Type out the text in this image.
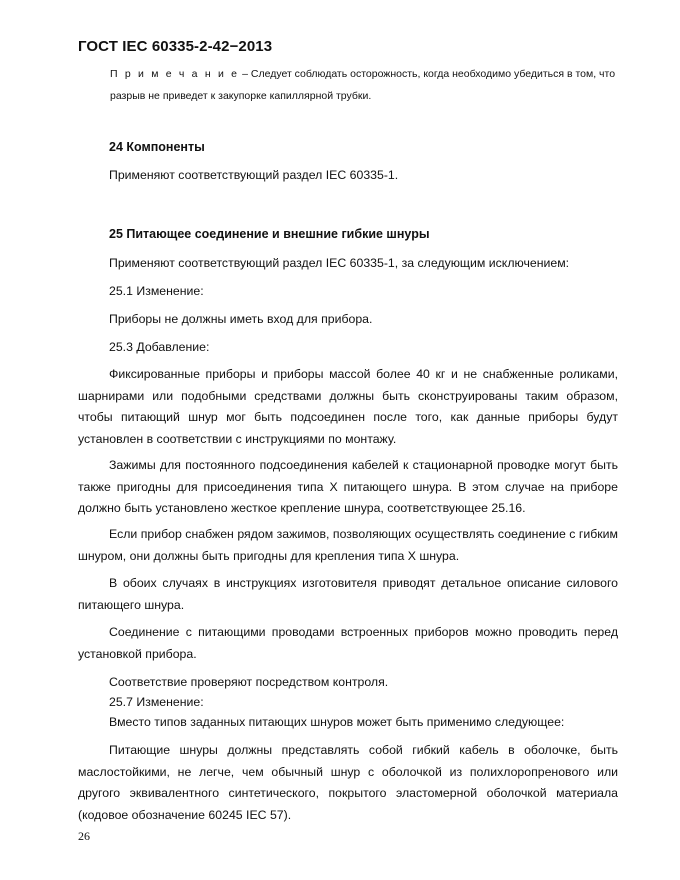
ГОСТ IEC 60335-2-42−2013
П р и м е ч а н и е – Следует соблюдать осторожность, когда необходимо убедиться в том, что разрыв не приведет к закупорке капиллярной трубки.
24 Компоненты
Применяют соответствующий раздел IEC 60335-1.
25 Питающее соединение и внешние гибкие шнуры
Применяют соответствующий раздел IEC 60335-1, за следующим исключением:
25.1 Изменение:
Приборы не должны иметь вход для прибора.
25.3 Добавление:
Фиксированные приборы и приборы массой более 40 кг и не снабженные роликами, шарнирами или подобными средствами должны быть сконструированы таким образом, чтобы питающий шнур мог быть подсоединен после того, как данные приборы будут установлен в соответствии с инструкциями по монтажу.
Зажимы для постоянного подсоединения кабелей к стационарной проводке могут быть также пригодны для присоединения типа Х питающего шнура. В этом случае на приборе должно быть установлено жесткое крепление шнура, соответствующее 25.16.
Если прибор снабжен рядом зажимов, позволяющих осуществлять соединение с гибким шнуром, они должны быть пригодны для крепления типа Х шнура.
В обоих случаях в инструкциях изготовителя приводят детальное описание силового питающего шнура.
Соединение с питающими проводами встроенных приборов можно проводить перед установкой прибора.
Соответствие проверяют посредством контроля.
25.7 Изменение:
Вместо типов заданных питающих шнуров может быть применимо следующее:
Питающие шнуры должны представлять собой гибкий кабель в оболочке, быть маслостойкими, не легче, чем обычный шнур с оболочкой из полихлоропренового или другого эквивалентного синтетического, покрытого эластомерной оболочкой материала (кодовое обозначение 60245 IEC 57).
26
